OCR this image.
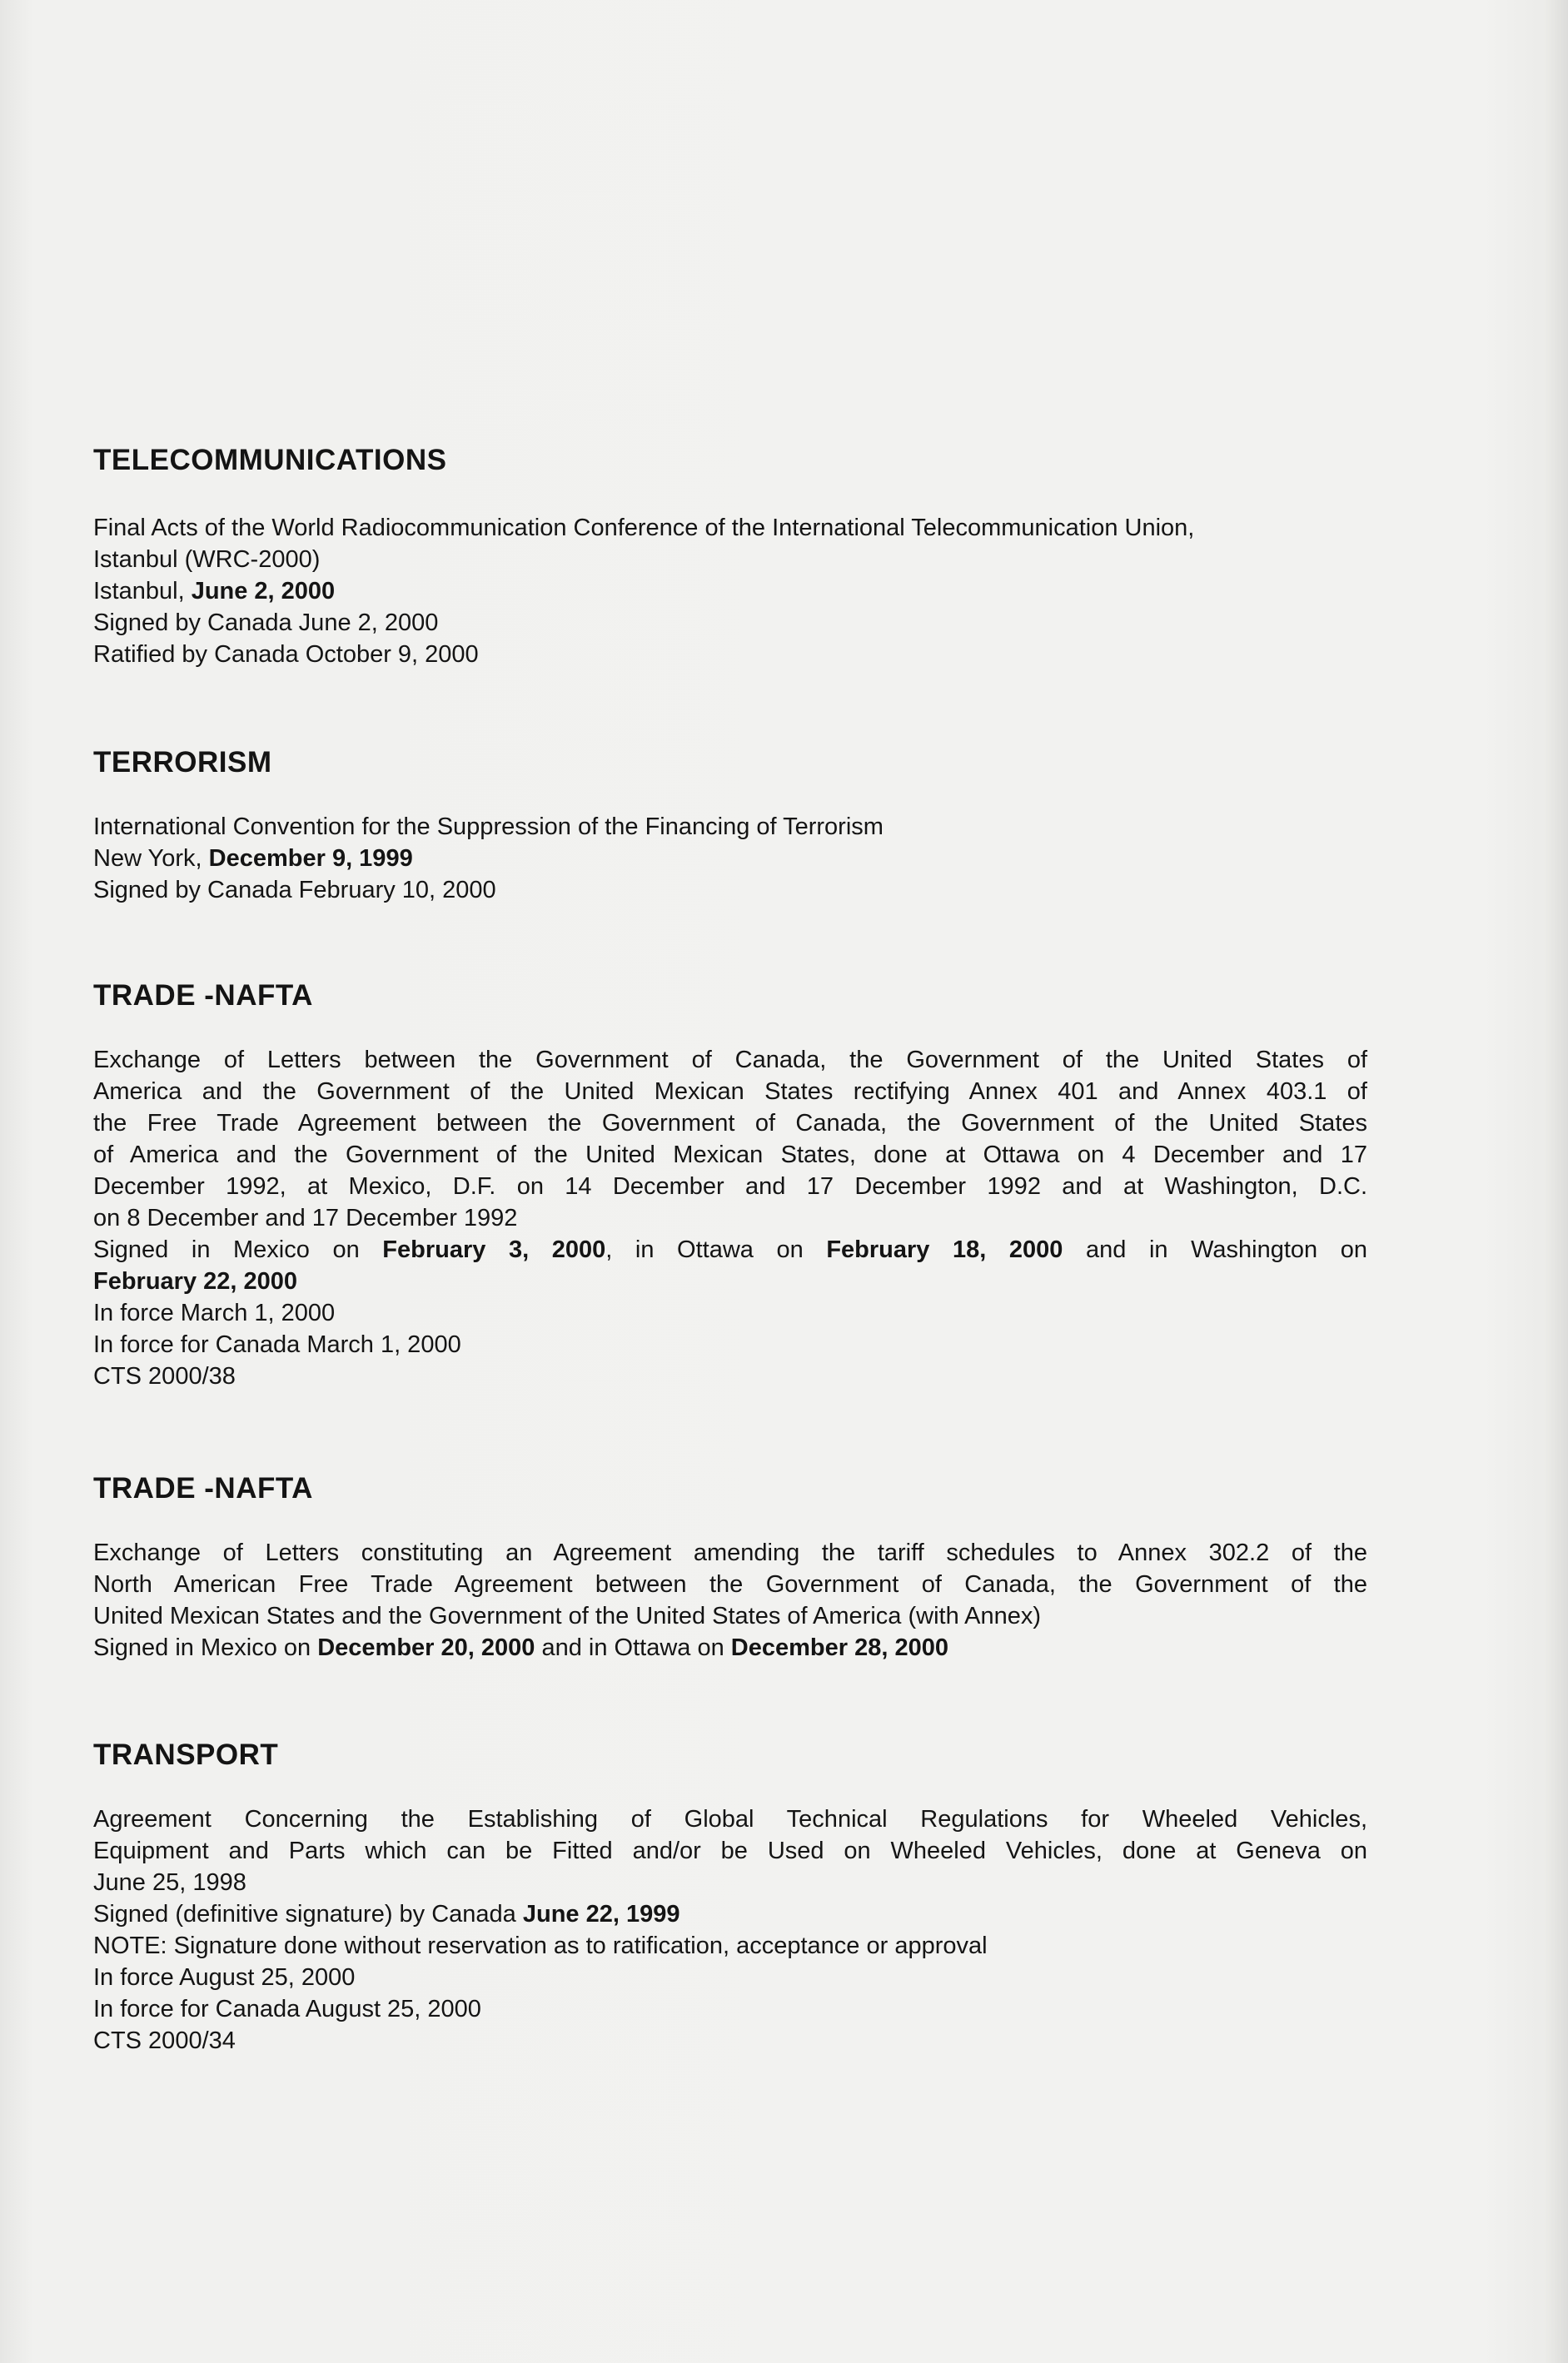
TELECOMMUNICATIONS
Final Acts of the World Radiocommunication Conference of the International Telecommunication Union,
Istanbul (WRC-2000)
Istanbul, June 2, 2000
Signed by Canada June 2, 2000
Ratified by Canada October 9, 2000
TERRORISM
International Convention for the Suppression of the Financing of Terrorism
New York, December 9, 1999
Signed by Canada February 10, 2000
TRADE -NAFTA
Exchange of Letters between the Government of Canada, the Government of the United States of
America and the Government of the United Mexican States rectifying Annex 401 and Annex 403.1 of
the Free Trade Agreement between the Government of Canada, the Government of the United States
of America and the Government of the United Mexican States, done at Ottawa on 4 December and 17
December 1992, at Mexico, D.F. on 14 December and 17 December 1992 and at Washington, D.C.
on 8 December and 17 December 1992
Signed in Mexico on February 3, 2000, in Ottawa on February 18, 2000 and in Washington on
February 22, 2000
In force March 1, 2000
In force for Canada March 1, 2000
CTS 2000/38
TRADE -NAFTA
Exchange of Letters constituting an Agreement amending the tariff schedules to Annex 302.2 of the
North American Free Trade Agreement between the Government of Canada, the Government of the
United Mexican States and the Government of the United States of America (with Annex)
Signed in Mexico on December 20, 2000 and in Ottawa on December 28, 2000
TRANSPORT
Agreement Concerning the Establishing of Global Technical Regulations for Wheeled Vehicles,
Equipment and Parts which can be Fitted and/or be Used on Wheeled Vehicles, done at Geneva on
June 25, 1998
Signed (definitive signature) by Canada June 22, 1999
NOTE: Signature done without reservation as to ratification, acceptance or approval
In force August 25, 2000
In force for Canada August 25, 2000
CTS 2000/34
